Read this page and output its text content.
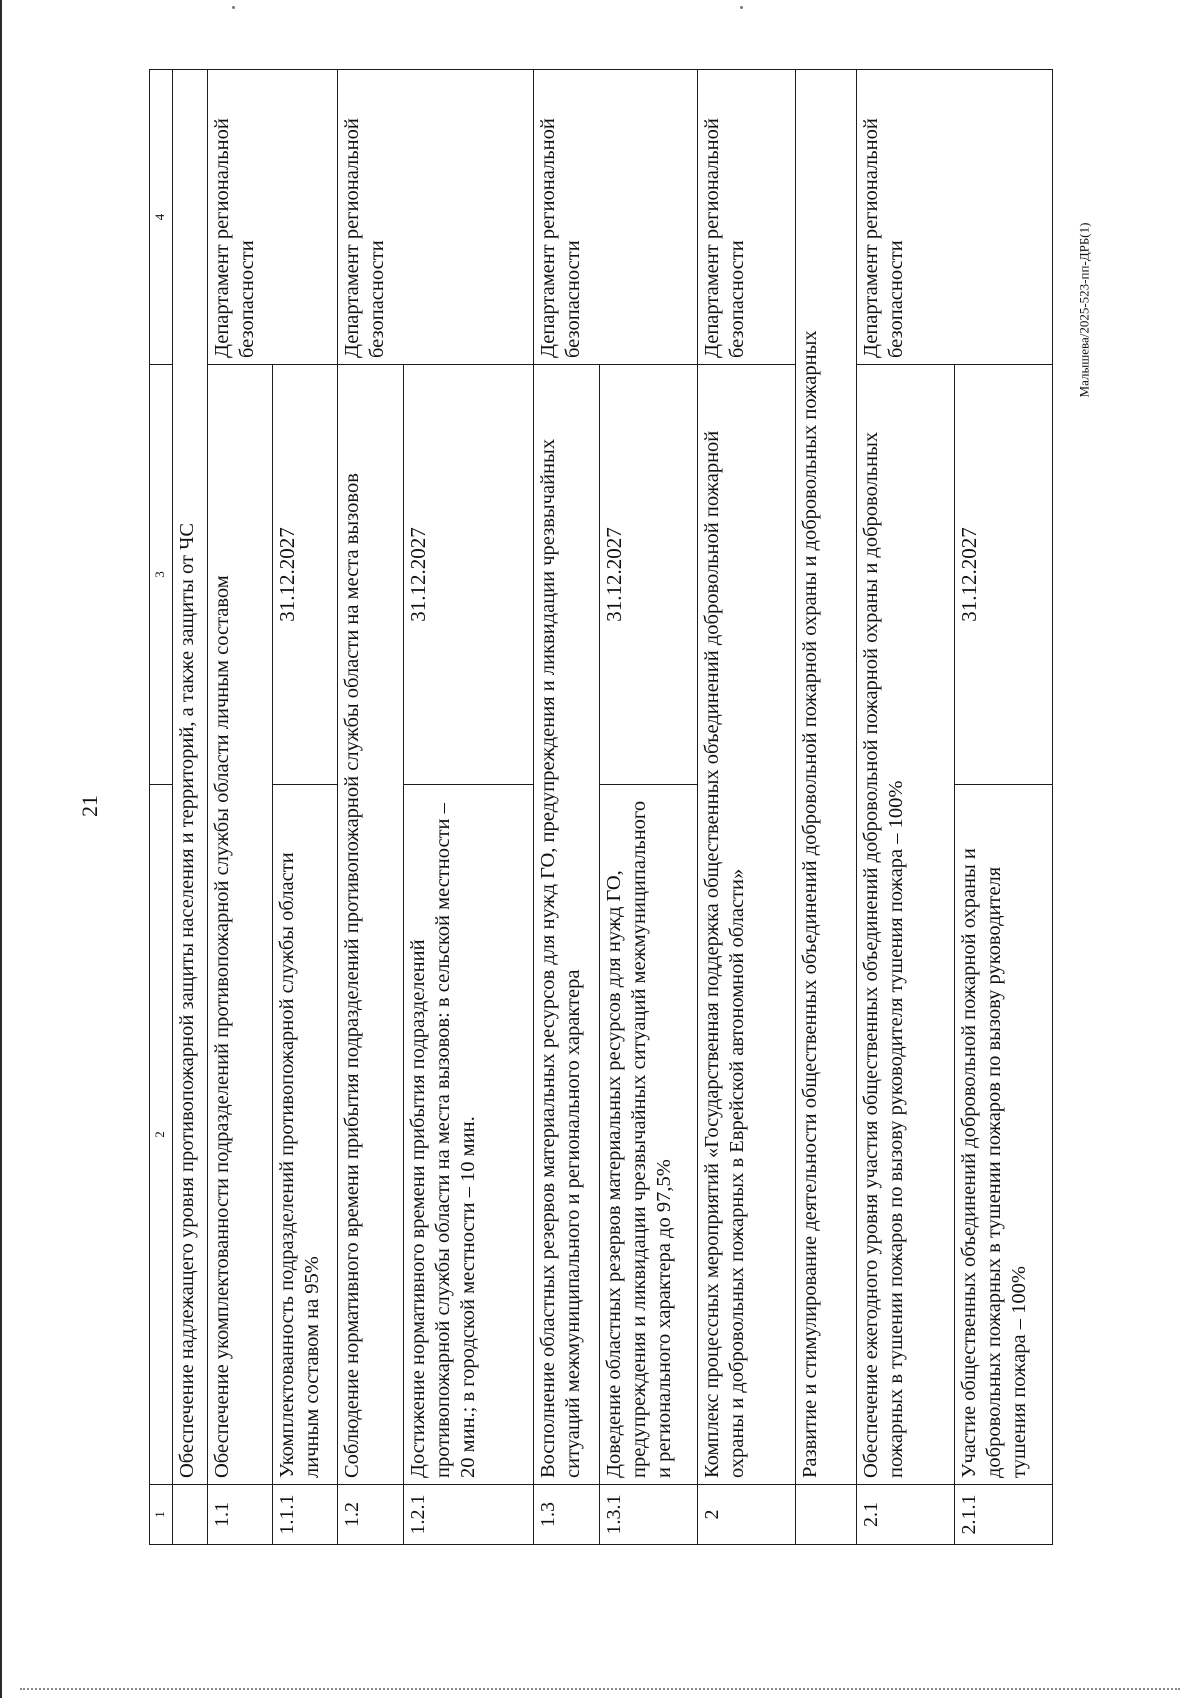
21
Малышева/2025-523-пп-ДРБ(1)
1	2	3	4
	Обеспечение надлежащего уровня противопожарной защиты населения и территорий, а также защиты от ЧС		
1.1	Обеспечение укомплектованности подразделений противопожарной службы области личным составом		Департамент региональной безопасности
1.1.1	Укомплектованность подразделений противопожарной службы области личным составом на 95%	31.12.2027	
1.2	Соблюдение нормативного времени прибытия подразделений противопожарной службы области на места вызовов		Департамент региональной безопасности
1.2.1	Достижение нормативного времени прибытия подразделений противопожарной службы области на места вызовов: в сельской местности – 20 мин.; в городской местности – 10 мин.	31.12.2027	
1.3	Восполнение областных резервов материальных ресурсов для нужд ГО, предупреждения и ликвидации чрезвычайных ситуаций межмуниципального и регионального характера		Департамент региональной безопасности
1.3.1	Доведение областных резервов материальных ресурсов для нужд ГО, предупреждения и ликвидации чрезвычайных ситуаций межмуниципального и регионального характера до 97,5%	31.12.2027	
2	Комплекс процессных мероприятий «Государственная поддержка общественных объединений добровольной пожарной охраны и добровольных пожарных в Еврейской автономной области»		Департамент региональной безопасности
	Развитие и стимулирование деятельности общественных объединений добровольной пожарной охраны и добровольных пожарных		
2.1	Обеспечение ежегодного уровня участия общественных объединений добровольной пожарной охраны и добровольных пожарных в тушении пожаров по вызову руководителя тушения пожара – 100%		Департамент региональной безопасности
2.1.1	Участие общественных объединений добровольной пожарной охраны и добровольных пожарных в тушении пожаров по вызову руководителя тушения пожара – 100%	31.12.2027	
